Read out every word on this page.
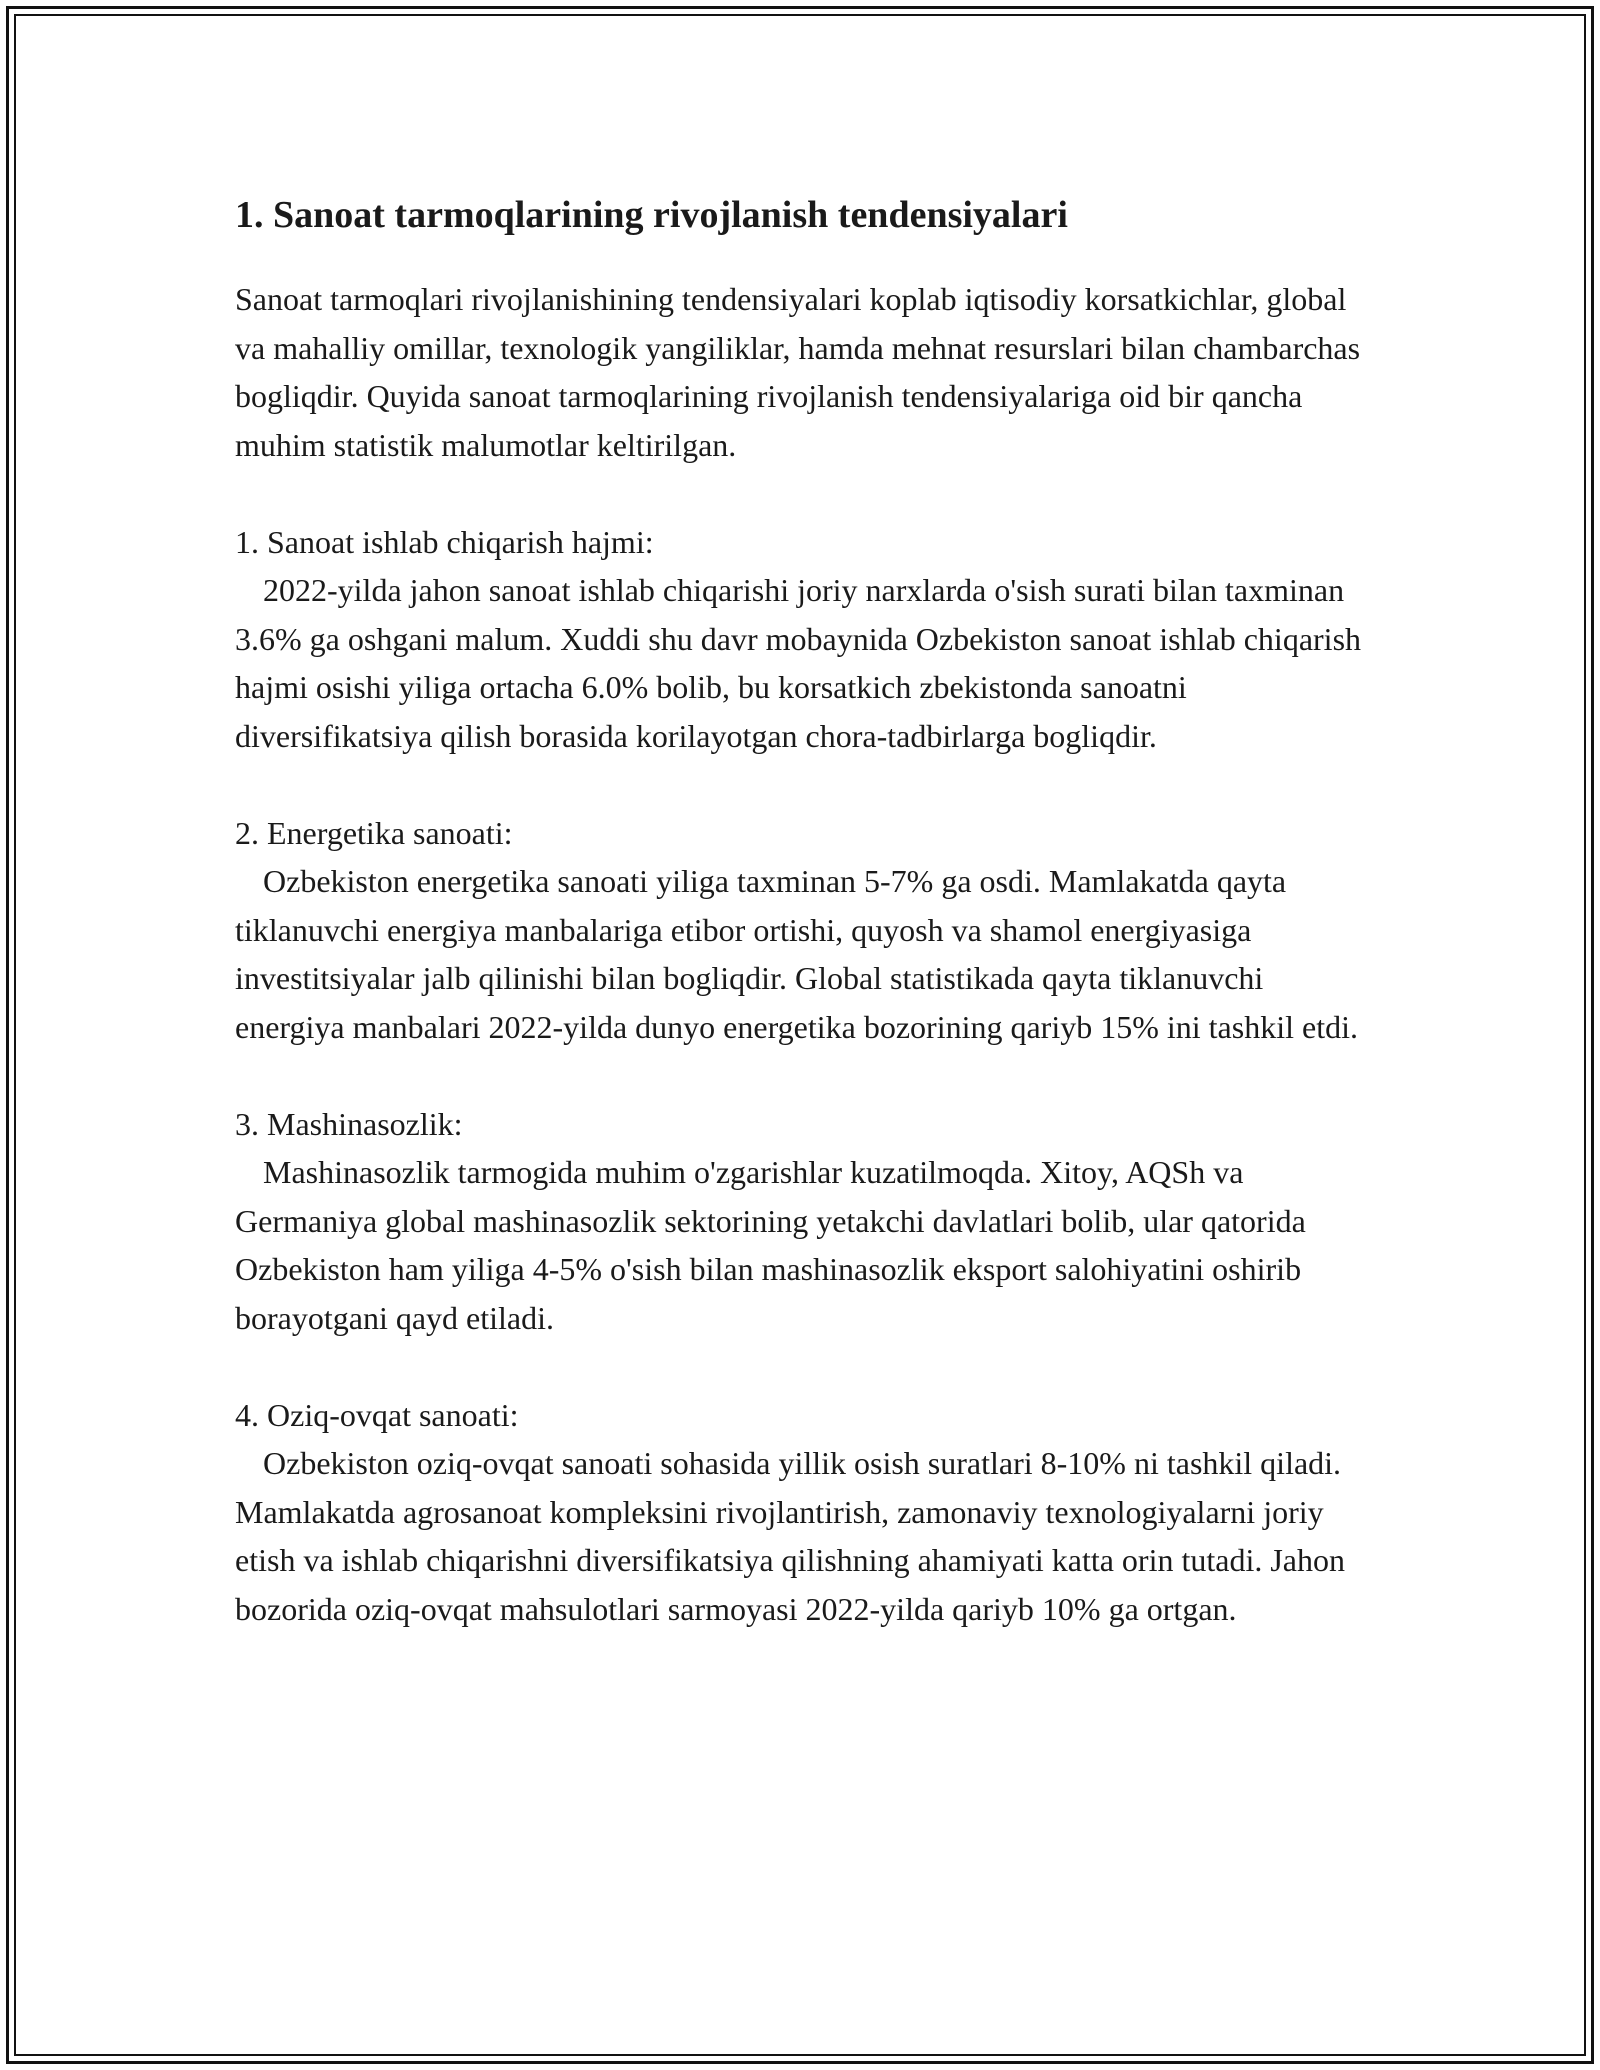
1. Sanoat tarmoqlarining rivojlanish tendensiyalari

Sanoat tarmoqlari rivojlanishining tendensiyalari koplab iqtisodiy korsatkichlar, global va mahalliy omillar, texnologik yangiliklar, hamda mehnat resurslari bilan chambarchas bogliqdir. Quyida sanoat tarmoqlarining rivojlanish tendensiyalariga oid bir qancha muhim statistik malumotlar keltirilgan.

1. Sanoat ishlab chiqarish hajmi:

2022-yilda jahon sanoat ishlab chiqarishi joriy narxlarda o'sish surati bilan taxminan 3.6% ga oshgani malum. Xuddi shu davr mobaynida Ozbekiston sanoat ishlab chiqarish hajmi osishi yiliga ortacha 6.0% bolib, bu korsatkich zbekistonda sanoatni diversifikatsiya qilish borasida korilayotgan chora-tadbirlarga bogliqdir.

2. Energetika sanoati:

Ozbekiston energetika sanoati yiliga taxminan 5-7% ga osdi. Mamlakatda qayta tiklanuvchi energiya manbalariga etibor ortishi, quyosh va shamol energiyasiga investitsiyalar jalb qilinishi bilan bogliqdir. Global statistikada qayta tiklanuvchi energiya manbalari 2022-yilda dunyo energetika bozorining qariyb 15% ini tashkil etdi.

3. Mashinasozlik:

Mashinasozlik tarmogida muhim o'zgarishlar kuzatilmoqda. Xitoy, AQSh va Germaniya global mashinasozlik sektorining yetakchi davlatlari bolib, ular qatorida Ozbekiston ham yiliga 4-5% o'sish bilan mashinasozlik eksport salohiyatini oshirib borayotgani qayd etiladi.

4. Oziq-ovqat sanoati:

Ozbekiston oziq-ovqat sanoati sohasida yillik osish suratlari 8-10% ni tashkil qiladi. Mamlakatda agrosanoat kompleksini rivojlantirish, zamonaviy texnologiyalarni joriy etish va ishlab chiqarishni diversifikatsiya qilishning ahamiyati katta orin tutadi. Jahon bozorida oziq-ovqat mahsulotlari sarmoyasi 2022-yilda qariyb 10% ga ortgan.
